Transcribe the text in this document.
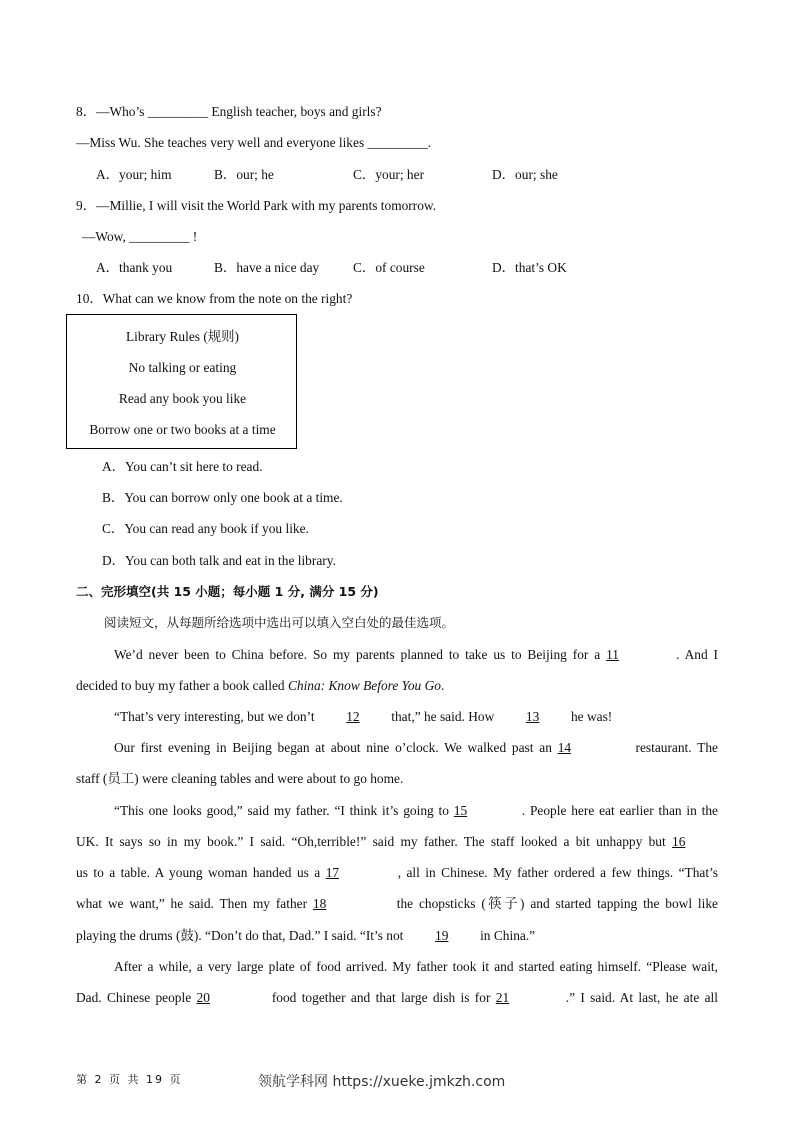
8．—Who’s _________ English teacher, boys and girls?
—Miss Wu. She teaches very well and everyone likes _________.
A．your; him	B．our; he	C．your; her	D．our; she
9．—Millie, I will visit the World Park with my parents tomorrow.
—Wow, _________ !
A．thank you	B．have a nice day	C．of course	D．that’s OK
10．What can we know from the note on the right?
Library Rules (规则)
No talking or eating
Read any book you like
Borrow one or two books at a time
A．You can’t sit here to read.
B．You can borrow only one book at a time.
C．You can read any book if you like.
D．You can both talk and eat in the library.
二、完形填空(共 15 小题；每小题 1 分, 满分 15 分)
阅读短文，从每题所给选项中选出可以填入空白处的最佳选项。
We’d never been to China before. So my parents planned to take us to Beijing for a 11	. And I
decided to buy my father a book called China: Know Before You Go.
“That’s very interesting, but we don’t 12 that,” he said. How 13 he was!
Our first evening in Beijing began at about nine o’clock. We walked past an 14	restaurant. The
staff (员工) were cleaning tables and were about to go home.
“This one looks good,” said my father. “I think it’s going to 15	. People here eat earlier than in the
UK. It says so in my book.” I said. “Oh,terrible!” said my father. The staff looked a bit unhappy but 16
us to a table. A young woman handed us a 17	, all in Chinese. My father ordered a few things. “That’s
what we want,” he said. Then my father 18	the chopsticks (筷子) and started tapping the bowl like
playing the drums (鼓). “Don’t do that, Dad.” I said. “It’s not 19 in China.”
After a while, a very large plate of food arrived. My father took it and started eating himself. “Please wait,
Dad. Chinese people 20	food together and that large dish is for 21	.” I said. At last, he ate all
第 2 页 共 19 页	领航学科网 https://xueke.jmkzh.com
